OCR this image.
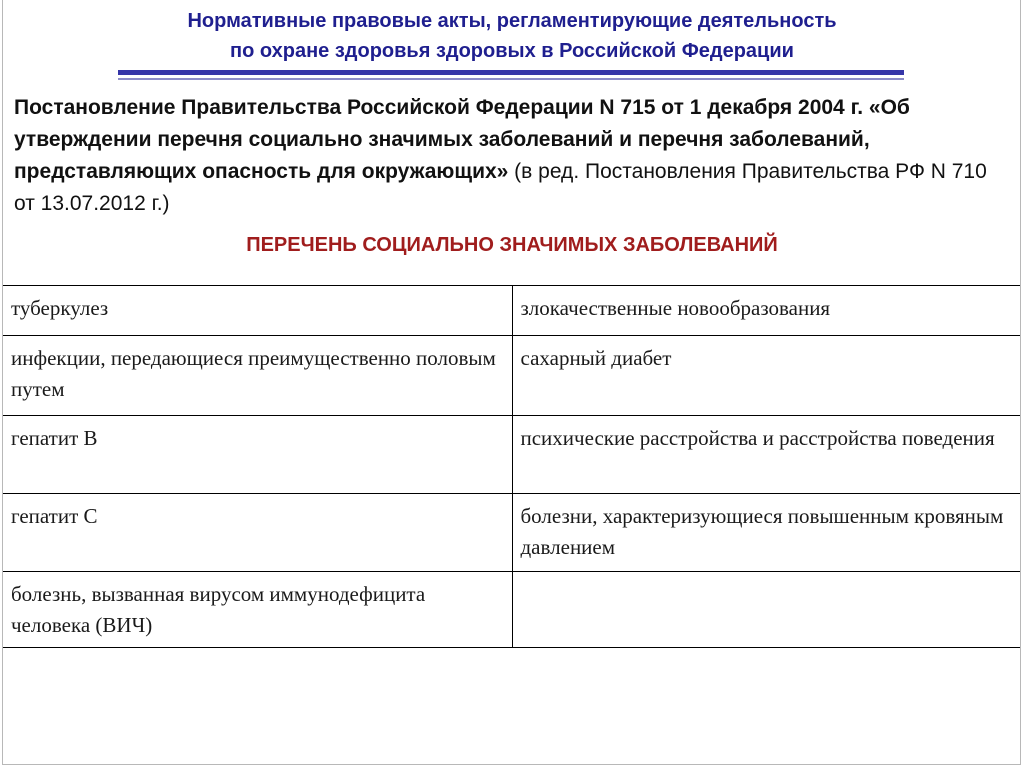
Нормативные правовые акты, регламентирующие деятельность
по охране здоровья здоровых в Российской Федерации
Постановление Правительства Российской Федерации N 715 от 1 декабря 2004 г. «Об утверждении перечня социально значимых заболеваний и перечня заболеваний, представляющих опасность для окружающих» (в ред. Постановления Правительства РФ N 710 от 13.07.2012 г.)
ПЕРЕЧЕНЬ СОЦИАЛЬНО ЗНАЧИМЫХ ЗАБОЛЕВАНИЙ
туберкулез	злокачественные новообразования
инфекции, передающиеся преимущественно половым путем	сахарный диабет
гепатит В	психические расстройства и расстройства поведения
гепатит С	болезни, характеризующиеся повышенным кровяным давлением
болезнь, вызванная вирусом иммунодефицита человека (ВИЧ)	
